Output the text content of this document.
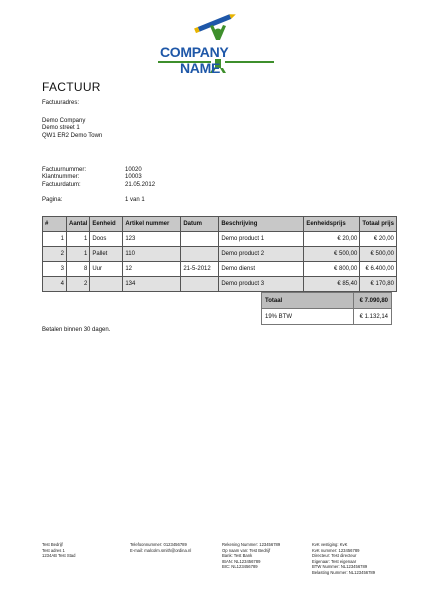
COMPANY NAME
FACTUUR
Factuuradres:
Demo Company
Demo street 1
QW1 ER2 Demo Town
Factuurnummer:	10020
Klantnummer:	10003
Factuurdatum:	21.05.2012
Pagina:	1 van 1
#	Aantal	Eenheid	Artikel nummer	Datum	Beschrijving	Eenheidsprijs	Totaal prijs
1	1	Doos	123		Demo product 1	€ 20,00	€ 20,00
2	1	Pallet	110		Demo product 2	€ 500,00	€ 500,00
3	8	Uur	12	21-5-2012	Demo dienst	€ 800,00	€ 6.400,00
4	2		134		Demo product 3	€ 85,40	€ 170,80
Totaal	€ 7.090,80
19% BTW	€ 1.132,14
Betalen binnen 30 dagen.
Test Bedrijf
Test adres 1
1234AB Test Stad
Telefoonnummer: 0123456789
E-mail: malcolm.smith@ordina.nl
Rekening Nummer: 123456789
Op naam van: Test Bedrijf
Bank: Test Bank
IBAN: NL123456789
BIC: NL123456789
KvK vestiging: KvK
KvK nummer: 123456789
Directeur: Test directeur
Eigenaar: Test eigenaar
BTW Nummer: NL123456789
Belasting Nummer: NL123456789
